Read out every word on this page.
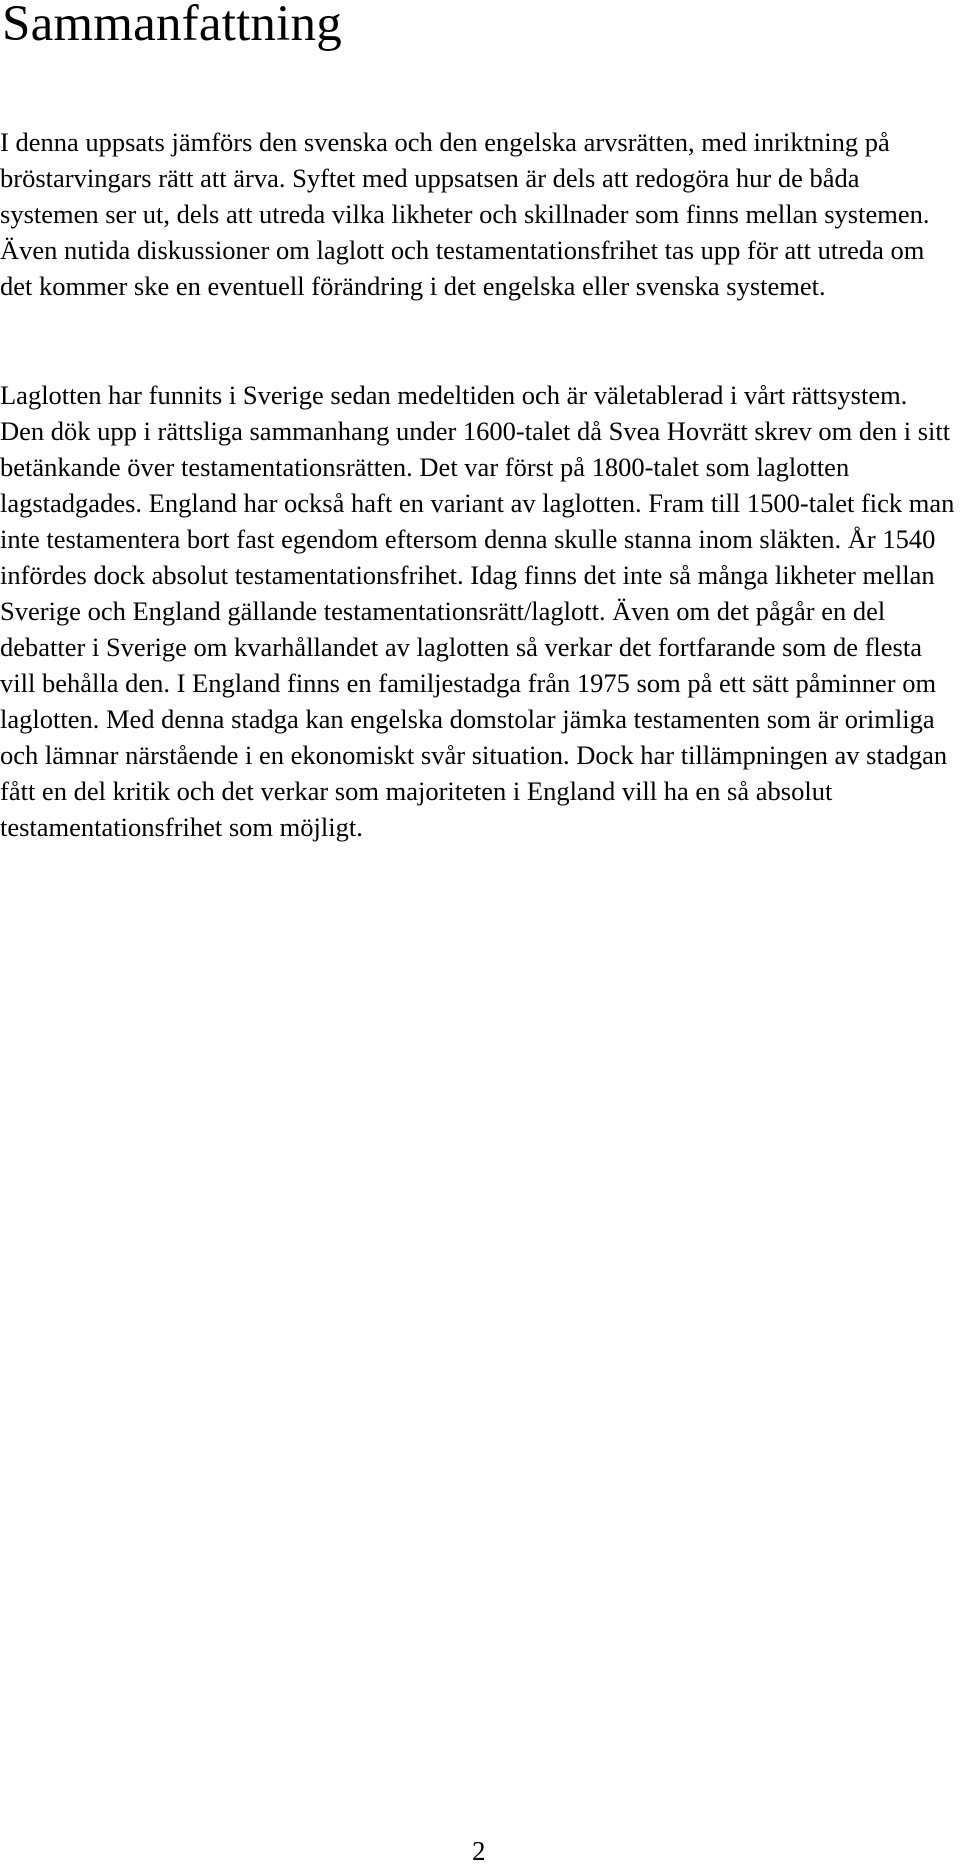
Sammanfattning

I denna uppsats jämförs den svenska och den engelska arvsrätten, med inriktning på bröstarvingars rätt att ärva. Syftet med uppsatsen är dels att redogöra hur de båda systemen ser ut, dels att utreda vilka likheter och skillnader som finns mellan systemen. Även nutida diskussioner om laglott och testamentationsfrihet tas upp för att utreda om det kommer ske en eventuell förändring i det engelska eller svenska systemet.

Laglotten har funnits i Sverige sedan medeltiden och är väletablerad i vårt rättsystem. Den dök upp i rättsliga sammanhang under 1600-talet då Svea Hovrätt skrev om den i sitt betänkande över testamentationsrätten. Det var först på 1800-talet som laglotten lagstadgades. England har också haft en variant av laglotten. Fram till 1500-talet fick man inte testamentera bort fast egendom eftersom denna skulle stanna inom släkten. År 1540 infördes dock absolut testamentationsfrihet. Idag finns det inte så många likheter mellan Sverige och England gällande testamentationsrätt/laglott. Även om det pågår en del debatter i Sverige om kvarhållandet av laglotten så verkar det fortfarande som de flesta vill behålla den. I England finns en familjestadga från 1975 som på ett sätt påminner om laglotten. Med denna stadga kan engelska domstolar jämka testamenten som är orimliga och lämnar närstående i en ekonomiskt svår situation. Dock har tillämpningen av stadgan fått en del kritik och det verkar som majoriteten i England vill ha en så absolut testamentationsfrihet som möjligt.

2
